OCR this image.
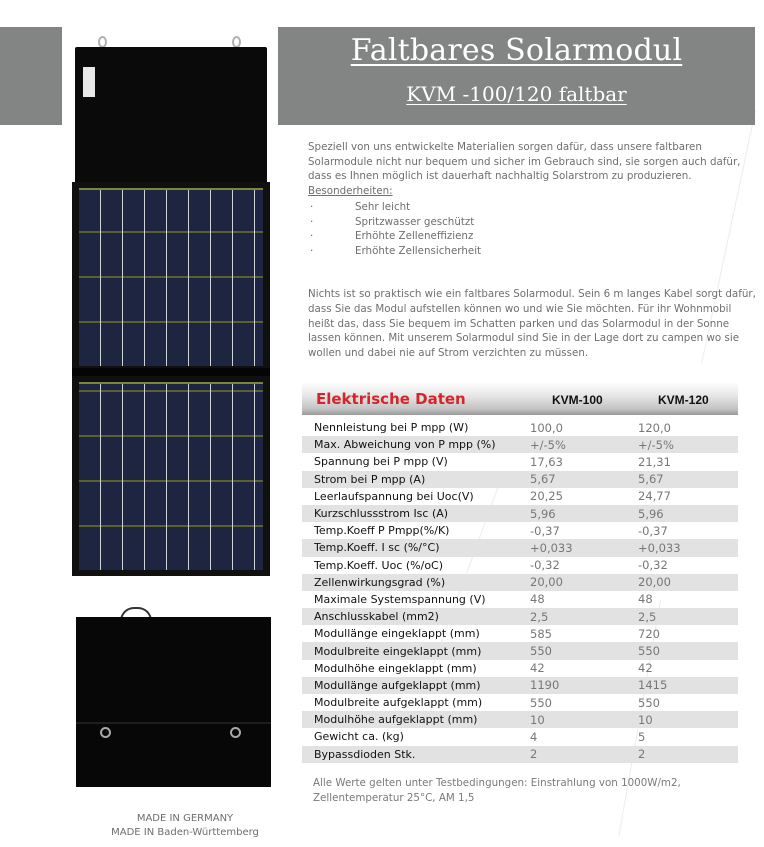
Faltbares Solarmodul
KVM -100/120 faltbar
MADE IN GERMANY
MADE IN Baden-Württemberg

Speziell von uns entwickelte Materialien sorgen dafür, dass unsere faltbaren Solarmodule nicht nur bequem und sicher im Gebrauch sind, sie sorgen auch dafür, dass es Ihnen möglich ist dauerhaft nachhaltig Solarstrom zu produzieren.

Besonderheiten:
·	Sehr leicht
·	Spritzwasser geschützt
·	Erhöhte Zelleneffizienz
·	Erhöhte Zellensicherheit

Nichts ist so praktisch wie ein faltbares Solarmodul. Sein 6 m langes Kabel sorgt dafür, dass Sie das Modul aufstellen können wo und wie Sie möchten. Für ihr Wohnmobil heißt das, dass Sie bequem im Schatten parken und das Solarmodul in der Sonne lassen können. Mit unserem Solarmodul sind Sie in der Lage dort zu campen wo sie wollen und dabei nie auf Strom verzichten zu müssen.

Elektrische Daten	KVM-100	KVM-120
Nennleistung bei P mpp (W)	100,0	120,0
Max. Abweichung von P mpp (%)	+/-5%	+/-5%
Spannung bei P mpp (V)	17,63	21,31
Strom bei P mpp (A)	5,67	5,67
Leerlaufspannung bei Uoc(V)	20,25	24,77
Kurzschlussstrom Isc (A)	5,96	5,96
Temp.Koeff P Pmpp(%/K)	-0,37	-0,37
Temp.Koeff. I sc (%/°C)	+0,033	+0,033
Temp.Koeff. Uoc (%/oC)	-0,32	-0,32
Zellenwirkungsgrad (%)	20,00	20,00
Maximale Systemspannung (V)	48	48
Anschlusskabel (mm2)	2,5	2,5
Modullänge eingeklappt (mm)	585	720
Modulbreite eingeklappt (mm)	550	550
Modulhöhe eingeklappt (mm)	42	42
Modullänge aufgeklappt (mm)	1190	1415
Modulbreite aufgeklappt (mm)	550	550
Modulhöhe aufgeklappt (mm)	10	10
Gewicht ca. (kg)	4	5
Bypassdioden Stk.	2	2
Alle Werte gelten unter Testbedingungen: Einstrahlung von 1000W/m2, Zellentemperatur 25°C, AM 1,5
